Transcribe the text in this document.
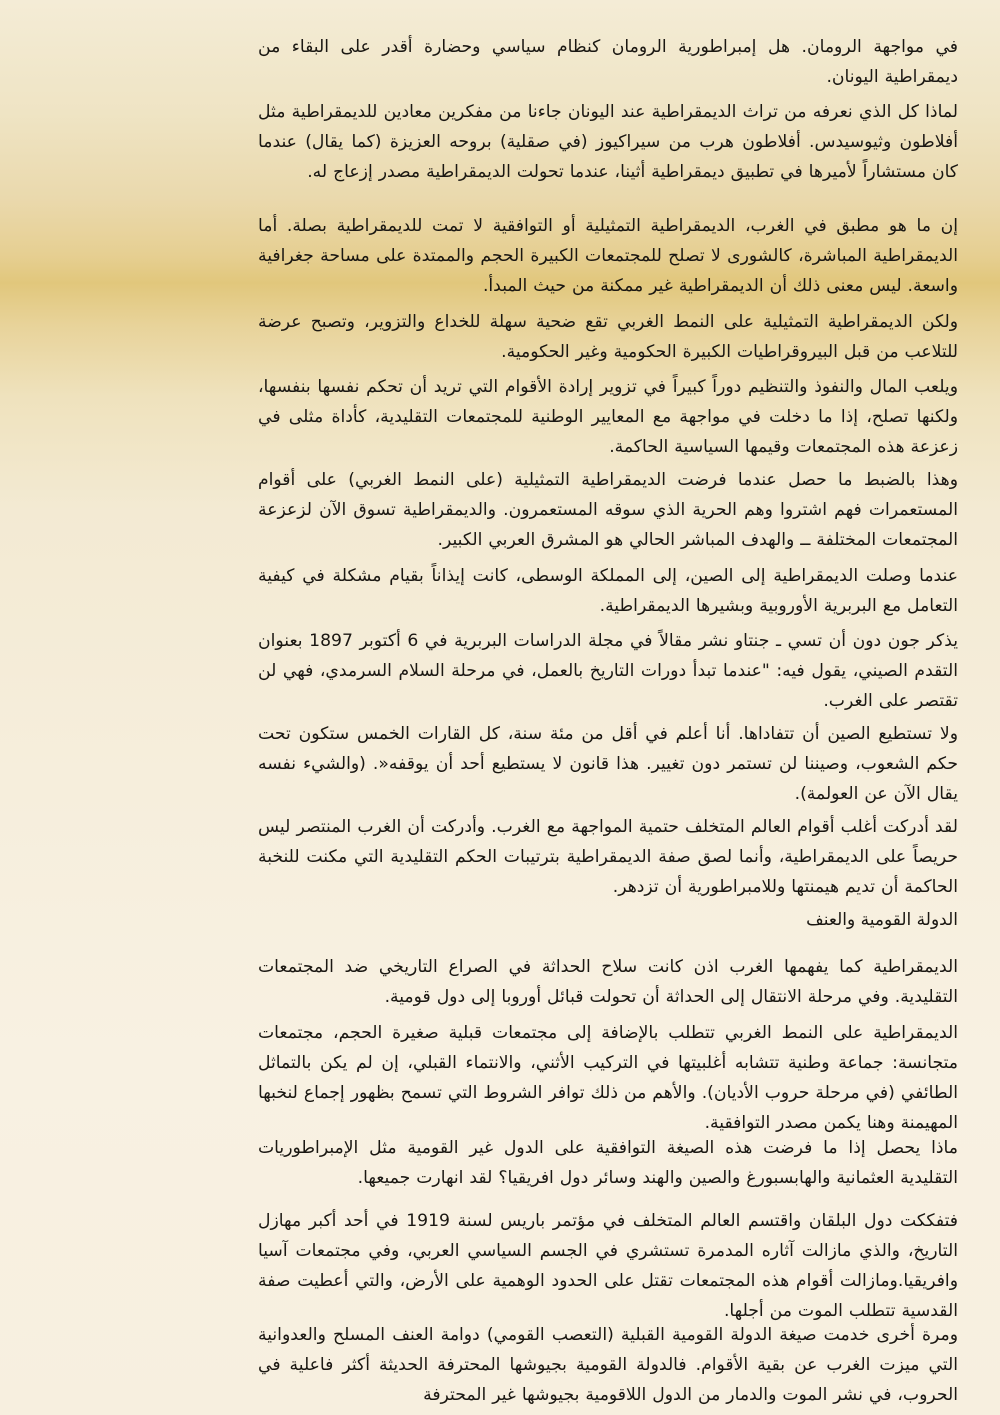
في مواجهة الرومان. هل إمبراطورية الرومان كنظام سياسي وحضارة أقدر على البقاء من ديمقراطية اليونان.

لماذا كل الذي نعرفه من تراث الديمقراطية عند اليونان جاءنا من مفكرين معادين للديمقراطية مثل أفلاطون وثيوسيدس. أفلاطون هرب من سيراكيوز (في صقلية) بروحه العزيزة (كما يقال) عندما كان مستشاراً لأميرها في تطبيق ديمقراطية أثينا، عندما تحولت الديمقراطية مصدر إزعاج له.

إن ما هو مطبق في الغرب، الديمقراطية التمثيلية أو التوافقية لا تمت للديمقراطية بصلة. أما الديمقراطية المباشرة، كالشورى لا تصلح للمجتمعات الكبيرة الحجم والممتدة على مساحة جغرافية واسعة. ليس معنى ذلك أن الديمقراطية غير ممكنة من حيث المبدأ.

ولكن الديمقراطية التمثيلية على النمط الغربي تقع ضحية سهلة للخداع والتزوير، وتصبح عرضة للتلاعب من قبل البيروقراطيات الكبيرة الحكومية وغير الحكومية.

ويلعب المال والنفوذ والتنظيم دوراً كبيراً في تزوير إرادة الأقوام التي تريد أن تحكم نفسها بنفسها، ولكنها تصلح، إذا ما دخلت في مواجهة مع المعايير الوطنية للمجتمعات التقليدية، كأداة مثلى في زعزعة هذه المجتمعات وقيمها السياسية الحاكمة.

وهذا بالضبط ما حصل عندما فرضت الديمقراطية التمثيلية (على النمط الغربي) على أقوام المستعمرات فهم اشتروا وهم الحرية الذي سوقه المستعمرون. والديمقراطية تسوق الآن لزعزعة المجتمعات المختلفة ــ والهدف المباشر الحالي هو المشرق العربي الكبير.

عندما وصلت الديمقراطية إلى الصين، إلى المملكة الوسطى، كانت إيذاناً بقيام مشكلة في كيفية التعامل مع البربرية الأوروبية وبشيرها الديمقراطية.

يذكر جون دون أن تسي ـ جنتاو نشر مقالاً في مجلة الدراسات البربرية في 6 أكتوبر 1897 بعنوان التقدم الصيني، يقول فيه: "عندما تبدأ دورات التاريخ بالعمل، في مرحلة السلام السرمدي، فهي لن تقتصر على الغرب.

ولا تستطيع الصين أن تتفاداها. أنا أعلم في أقل من مئة سنة، كل القارات الخمس ستكون تحت حكم الشعوب، وصيننا لن تستمر دون تغيير. هذا قانون لا يستطيع أحد أن يوقفه«. (والشيء نفسه يقال الآن عن العولمة).

لقد أدركت أغلب أقوام العالم المتخلف حتمية المواجهة مع الغرب. وأدركت أن الغرب المنتصر ليس حريصاً على الديمقراطية، وأنما لصق صفة الديمقراطية بترتيبات الحكم التقليدية التي مكنت للنخبة الحاكمة أن تديم هيمنتها وللامبراطورية أن تزدهر.

الدولة القومية والعنف

الديمقراطية كما يفهمها الغرب اذن كانت سلاح الحداثة في الصراع التاريخي ضد المجتمعات التقليدية. وفي مرحلة الانتقال إلى الحداثة أن تحولت قبائل أوروبا إلى دول قومية.

الديمقراطية على النمط الغربي تتطلب بالإضافة إلى مجتمعات قبلية صغيرة الحجم، مجتمعات متجانسة: جماعة وطنية تتشابه أغلبيتها في التركيب الأثني، والانتماء القبلي، إن لم يكن بالتماثل الطائفي (في مرحلة حروب الأديان). والأهم من ذلك توافر الشروط التي تسمح بظهور إجماع لنخبها المهيمنة وهنا يكمن مصدر التوافقية.

ماذا يحصل إذا ما فرضت هذه الصيغة التوافقية على الدول غير القومية مثل الإمبراطوريات التقليدية العثمانية والهابسبورغ والصين والهند وسائر دول افريقيا؟ لقد انهارت جميعها.

فتفككت دول البلقان واقتسم العالم المتخلف في مؤتمر باريس لسنة 1919 في أحد أكبر مهازل التاريخ، والذي مازالت آثاره المدمرة تستشري في الجسم السياسي العربي، وفي مجتمعات آسيا وافريقيا.ومازالت أقوام هذه المجتمعات تقتل على الحدود الوهمية على الأرض، والتي أعطيت صفة القدسية تتطلب الموت من أجلها.

ومرة أخرى خدمت صيغة الدولة القومية القبلية (التعصب القومي) دوامة العنف المسلح والعدوانية التي ميزت الغرب عن بقية الأقوام. فالدولة القومية بجيوشها المحترفة الحديثة أكثر فاعلية في الحروب، في نشر الموت والدمار من الدول اللاقومية بجيوشها غير المحترفة
